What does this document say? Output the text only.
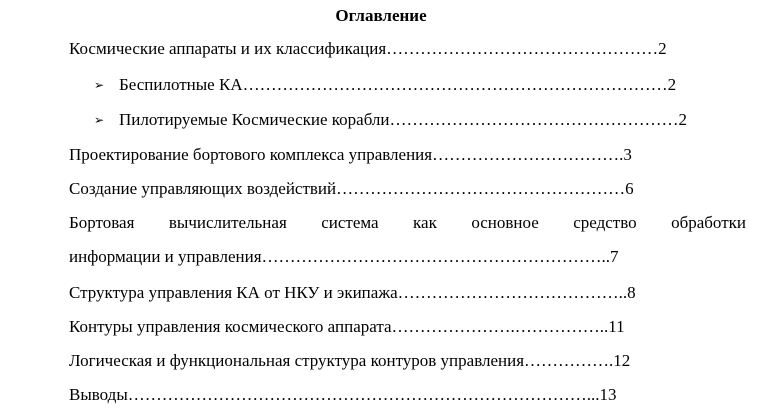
Оглавление
Космические аппараты и их классификация…………………………………………2
➢ Беспилотные КА…………………………………………………………………2
➢ Пилотируемые Космические корабли……………………………………………2
Проектирование бортового комплекса управления…………………………….3
Создание управляющих воздействий……………………………………………6
Бортовая вычислительная система как основное средство обработки
информации и управления……………………………………………………..7
Структура управления КА от НКУ и экипажа…………………………………..8
Контуры управления космического аппарата………………….……………..11
Логическая и функциональная структура контуров управления…………….12
Выводы………………………………………………………………………...13
